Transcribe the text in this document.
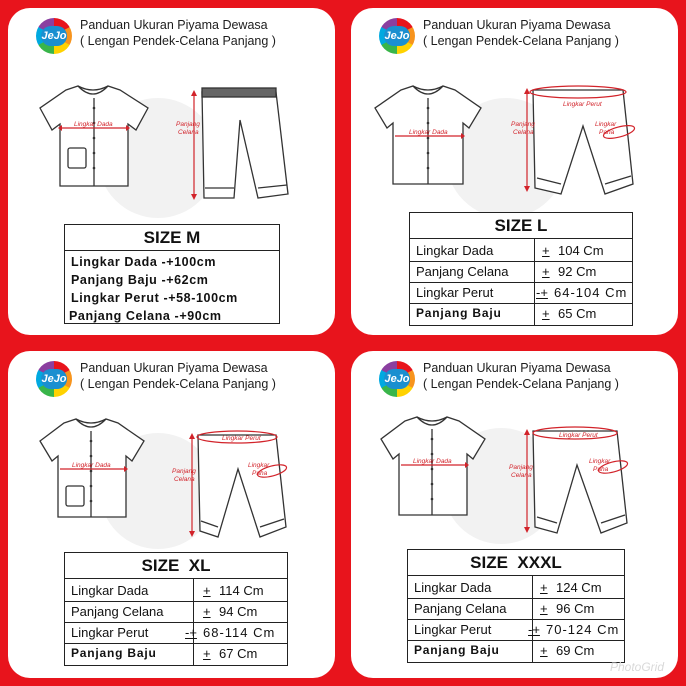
JeJo
Panduan Ukuran Piyama Dewasa
( Lengan Pendek-Celana Panjang )
Lingkar Dada	Panjang
Celana
SIZE M
Lingkar Dada -+100cm
Panjang Baju -+62cm
Lingkar Perut -+58-100cm
Panjang Celana -+90cm
JeJo
Panduan Ukuran Piyama Dewasa
( Lengan Pendek-Celana Panjang )
Lingkar Dada
Lingkar Perut
Panjang
Celana
Lingkar
Paha
SIZE L
Lingkar Dada	+ 104 Cm
Panjang Celana	+ 92 Cm
Lingkar Perut	-+ 64-104 Cm
Panjang Baju	+ 65 Cm
JeJo
Panduan Ukuran Piyama Dewasa
( Lengan Pendek-Celana Panjang )
Lingkar Dada
Lingkar Perut
Panjang
Celana
Lingkar
Paha
SIZE  XL
Lingkar Dada	+ 114 Cm
Panjang Celana	+ 94 Cm
Lingkar Perut	-+ 68-114 Cm
Panjang Baju	+ 67 Cm
JeJo
Panduan Ukuran Piyama Dewasa
( Lengan Pendek-Celana Panjang )
Lingkar Dada
Lingkar Perut
Panjang
Celana
Lingkar
Paha
SIZE  XXXL
Lingkar Dada	+ 124 Cm
Panjang Celana	+ 96 Cm
Lingkar Perut	-+ 70-124 Cm
Panjang Baju	+ 69 Cm
PhotoGrid
